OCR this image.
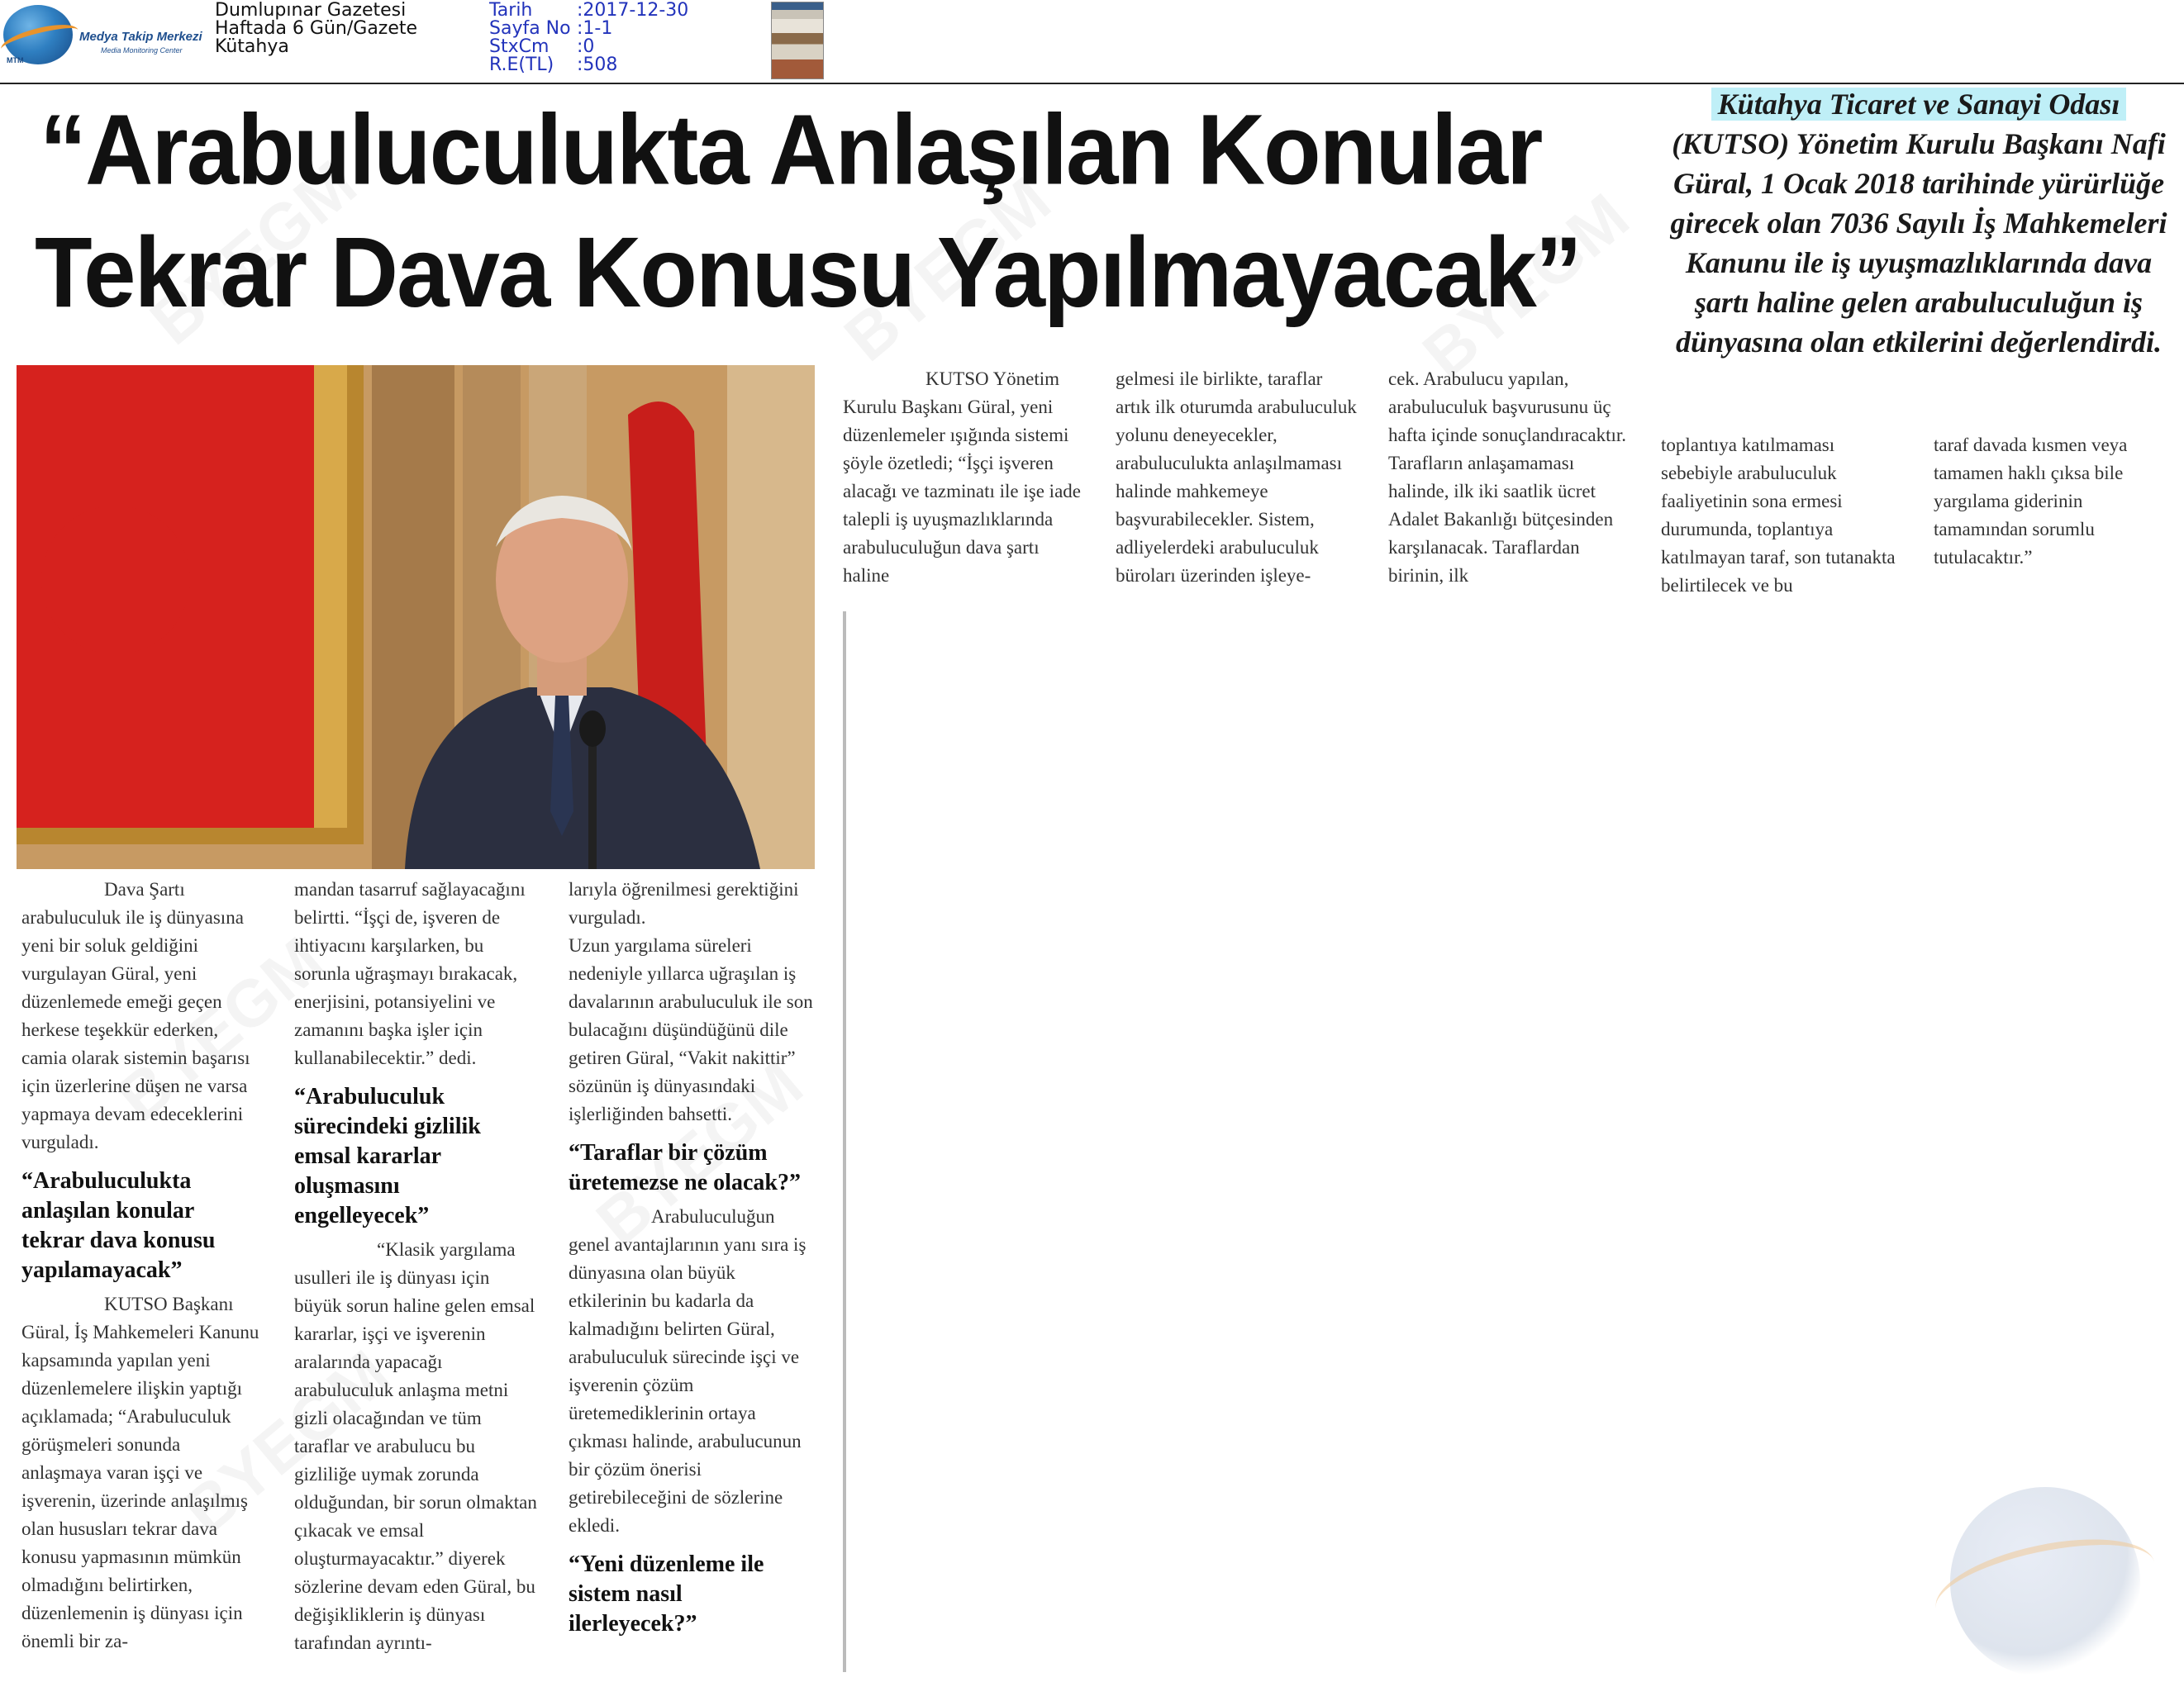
MTM
Medya Takip Merkezi
Media Monitoring Center
Dumlupınar Gazetesi
Haftada 6 Gün/Gazete
Kütahya
Tarih :2017-12-30
Sayfa No :1-1
StxCm :0
R.E(TL) :508
“Arabuluculukta Anlaşılan Konular
Tekrar Dava Konusu Yapılmayacak”
Kütahya Ticaret ve Sanayi Odası (KUTSO) Yönetim Kurulu Başkanı Nafi Güral, 1 Ocak 2018 tarihinde yürürlüğe girecek olan 7036 Sayılı İş Mahkemeleri Kanunu ile iş uyuşmazlıklarında dava şartı haline gelen arabuluculuğun iş dünyasına olan etkilerini değerlendirdi.

KUTSO Yönetim Kurulu Başkanı Güral, yeni düzenlemeler ışığında sistemi şöyle özetledi; “İşçi işveren alacağı ve tazminatı ile işe iade talepli iş uyuşmazlıklarında arabuluculuğun dava şartı haline

gelmesi ile birlikte, taraflar artık ilk oturumda arabuluculuk yolunu deneyecekler, arabuluculukta anlaşılmaması halinde mahkemeye başvurabilecekler. Sistem, adliyelerdeki arabuluculuk büroları üzerinden işleye-

cek. Arabulucu yapılan, arabuluculuk başvurusunu üç hafta içinde sonuçlandıracaktır. Tarafların anlaşamaması halinde, ilk iki saatlik ücret Adalet Bakanlığı bütçesinden karşılanacak. Taraflardan birinin, ilk

toplantıya katılmaması sebebiyle arabuluculuk faaliyetinin sona ermesi durumunda, toplantıya katılmayan taraf, son tutanakta belirtilecek ve bu

taraf davada kısmen veya tamamen haklı çıksa bile yargılama giderinin tamamından sorumlu tutulacaktır.”

Dava Şartı arabuluculuk ile iş dünyasına yeni bir soluk geldiğini vurgulayan Güral, yeni düzenlemede emeği geçen herkese teşekkür ederken, camia olarak sistemin başarısı için üzerlerine düşen ne varsa yapmaya devam edeceklerini vurguladı.

“Arabuluculukta anlaşılan konular tekrar dava konusu yapılamayacak”

KUTSO Başkanı Güral, İş Mahkemeleri Kanunu kapsamında yapılan yeni düzenlemelere ilişkin yaptığı açıklamada; “Arabuluculuk görüşmeleri sonunda anlaşmaya varan işçi ve işverenin, üzerinde anlaşılmış olan hususları tekrar dava konusu yapmasının mümkün olmadığını belirtirken, düzenlemenin iş dünyası için önemli bir za-

mandan tasarruf sağlayacağını belirtti. “İşçi de, işveren de ihtiyacını karşılarken, bu sorunla uğraşmayı bırakacak, enerjisini, potansiyelini ve zamanını başka işler için kullanabilecektir.” dedi.

“Arabuluculuk sürecindeki gizlilik emsal kararlar oluşmasını engelleyecek”

“Klasik yargılama usulleri ile iş dünyası için büyük sorun haline gelen emsal kararlar, işçi ve işverenin aralarında yapacağı arabuluculuk anlaşma metni gizli olacağından ve tüm taraflar ve arabulucu bu gizliliğe uymak zorunda olduğundan, bir sorun olmaktan çıkacak ve emsal oluşturmayacaktır.” diyerek sözlerine devam eden Güral, bu değişikliklerin iş dünyası tarafından ayrıntı-

larıyla öğrenilmesi gerektiğini vurguladı.

Uzun yargılama süreleri nedeniyle yıllarca uğraşılan iş davalarının arabuluculuk ile son bulacağını düşündüğünü dile getiren Güral, “Vakit nakittir” sözünün iş dünyasındaki işlerliğinden bahsetti.

“Taraflar bir çözüm üretemezse ne olacak?”

Arabuluculuğun genel avantajlarının yanı sıra iş dünyasına olan büyük etkilerinin bu kadarla da kalmadığını belirten Güral, arabuluculuk sürecinde işçi ve işverenin çözüm üretemediklerinin ortaya çıkması halinde, arabulucunun bir çözüm önerisi getirebileceğini de sözlerine ekledi.

“Yeni düzenleme ile sistem nasıl ilerleyecek?”
